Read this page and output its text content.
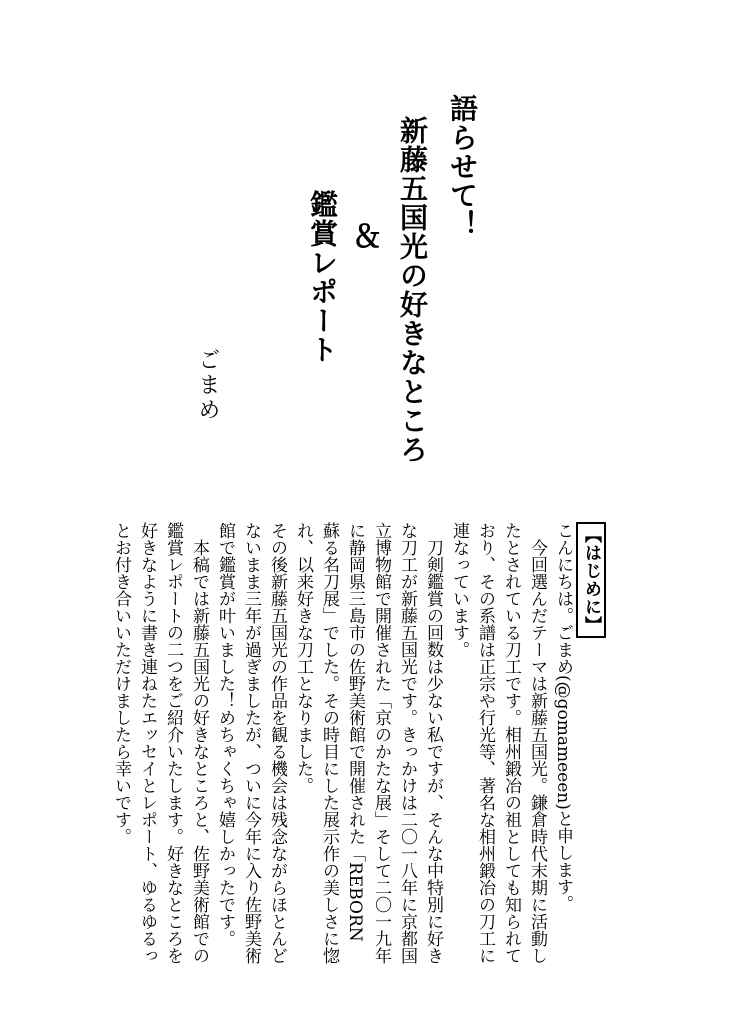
語らせて！
新藤五国光の好きなところ
＆
鑑賞レポート
ごまめ

【はじめに】

こんにちは。ごまめ(@gomameeen)と申します。

今回選んだテーマは新藤五国光。鎌倉時代末期に活動したとされている刀工です。相州鍛冶の祖としても知られており、その系譜は正宗や行光等、著名な相州鍛冶の刀工に連なっています。

刀剣鑑賞の回数は少ない私ですが、そんな中特別に好きな刀工が新藤五国光です。きっかけは二〇一八年に京都国立博物館で開催された「京のかたな展」そして二〇一九年に静岡県三島市の佐野美術館で開催された「REBORN　蘇る名刀展」でした。その時目にした展示作の美しさに惚れ、以来好きな刀工となりました。

その後新藤五国光の作品を観る機会は残念ながらほとんどないまま三年が過ぎましたが、ついに今年に入り佐野美術館で鑑賞が叶いました！めちゃくちゃ嬉しかったです。

本稿では新藤五国光の好きなところと、佐野美術館での鑑賞レポートの二つをご紹介いたします。好きなところを好きなように書き連ねたエッセイとレポート、ゆるゆるっとお付き合いいただけましたら幸いです。
